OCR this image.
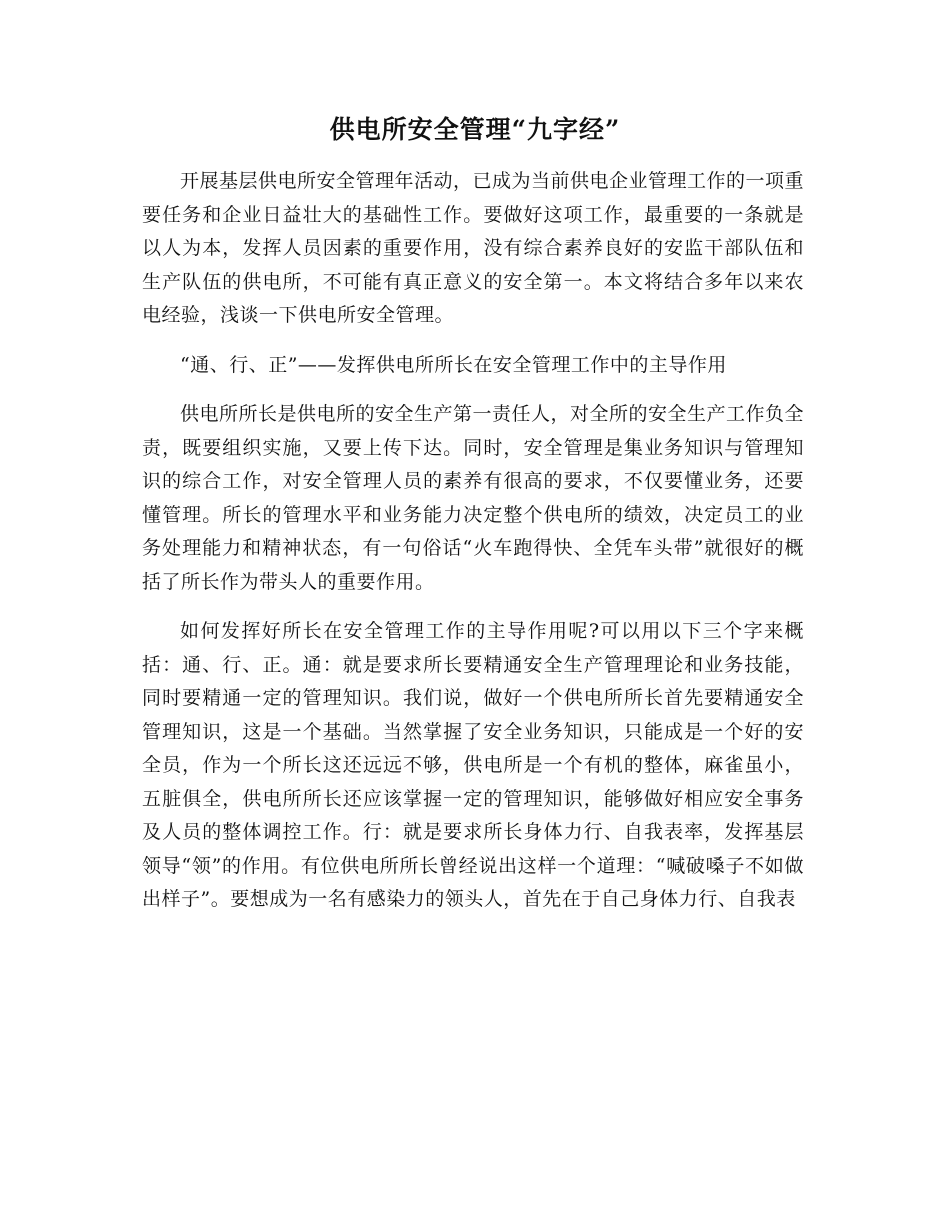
供电所安全管理“九字经”

开展基层供电所安全管理年活动，已成为当前供电企业管理工作的一项重要任务和企业日益壮大的基础性工作。要做好这项工作，最重要的一条就是以人为本，发挥人员因素的重要作用，没有综合素养良好的安监干部队伍和生产队伍的供电所，不可能有真正意义的安全第一。本文将结合多年以来农电经验，浅谈一下供电所安全管理。

“通、行、正”——发挥供电所所长在安全管理工作中的主导作用

供电所所长是供电所的安全生产第一责任人，对全所的安全生产工作负全责，既要组织实施，又要上传下达。同时，安全管理是集业务知识与管理知识的综合工作，对安全管理人员的素养有很高的要求，不仅要懂业务，还要懂管理。所长的管理水平和业务能力决定整个供电所的绩效，决定员工的业务处理能力和精神状态，有一句俗话“火车跑得快、全凭车头带”就很好的概括了所长作为带头人的重要作用。

如何发挥好所长在安全管理工作的主导作用呢?可以用以下三个字来概括：通、行、正。通：就是要求所长要精通安全生产管理理论和业务技能，同时要精通一定的管理知识。我们说，做好一个供电所所长首先要精通安全管理知识，这是一个基础。当然掌握了安全业务知识，只能成是一个好的安全员，作为一个所长这还远远不够，供电所是一个有机的整体，麻雀虽小，五脏俱全，供电所所长还应该掌握一定的管理知识，能够做好相应安全事务及人员的整体调控工作。行：就是要求所长身体力行、自我表率，发挥基层领导“领”的作用。有位供电所所长曾经说出这样一个道理：“喊破嗓子不如做出样子”。要想成为一名有感染力的领头人，首先在于自己身体力行、自我表
